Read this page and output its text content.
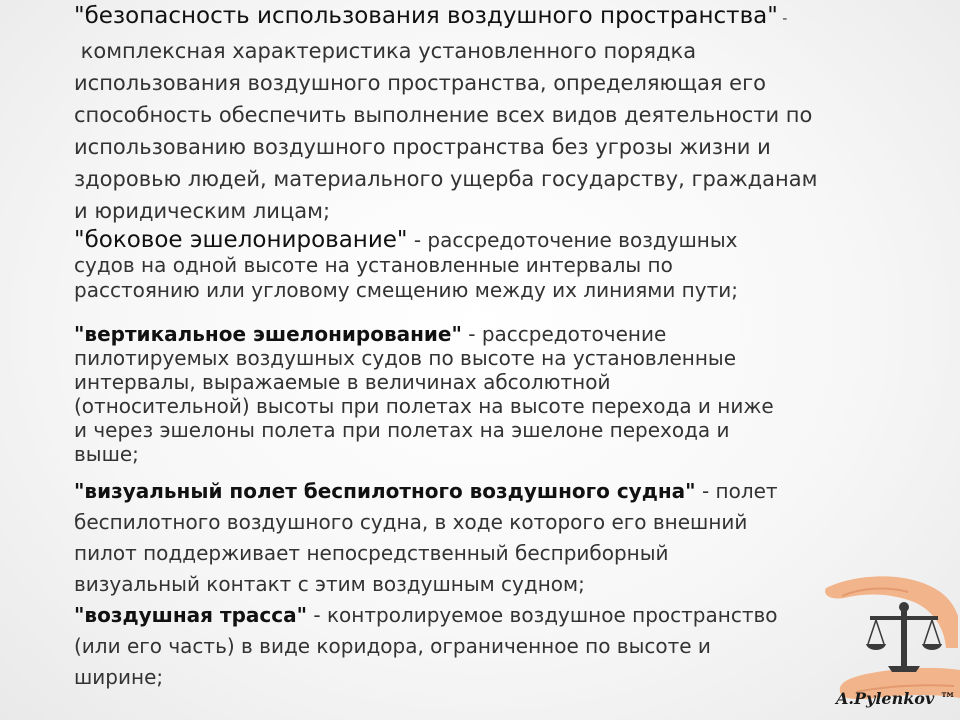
"безопасность использования воздушного пространства" -
комплексная характеристика установленного порядка
использования воздушного пространства, определяющая его
способность обеспечить выполнение всех видов деятельности по
использованию воздушного пространства без угрозы жизни и
здоровью людей, материального ущерба государству, гражданам
и юридическим лицам;

"боковое эшелонирование" - рассредоточение воздушных
судов на одной высоте на установленные интервалы по
расстоянию или угловому смещению между их линиями пути;

"вертикальное эшелонирование" - рассредоточение
пилотируемых воздушных судов по высоте на установленные
интервалы, выражаемые в величинах абсолютной
(относительной) высоты при полетах на высоте перехода и ниже
и через эшелоны полета при полетах на эшелоне перехода и
выше;

"визуальный полет беспилотного воздушного судна" - полет
беспилотного воздушного судна, в ходе которого его внешний
пилот поддерживает непосредственный бесприборный
визуальный контакт с этим воздушным судном;

"воздушная трасса" - контролируемое воздушное пространство
(или его часть) в виде коридора, ограниченное по высоте и
ширине;

A.Pylenkov ™
